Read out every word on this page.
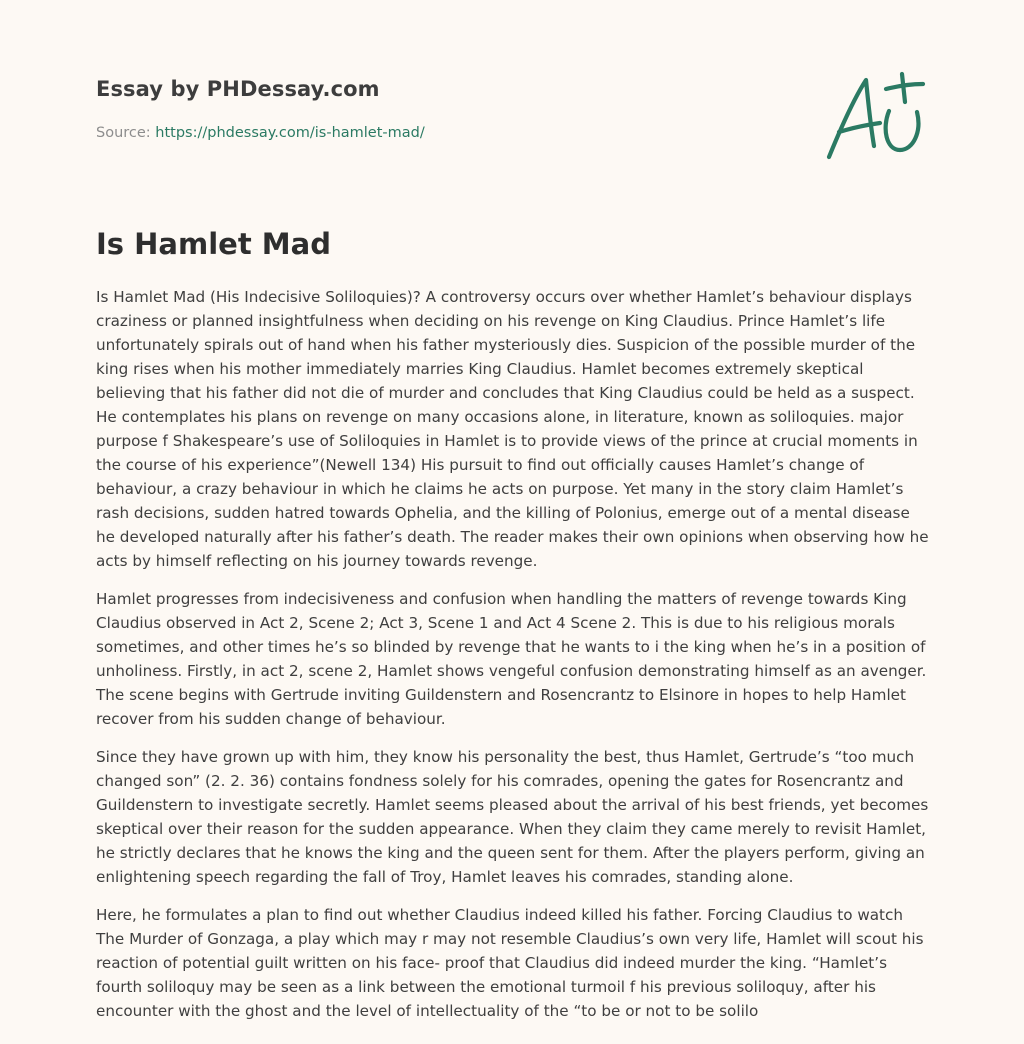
Essay by PHDessay.com
Source: https://phdessay.com/is-hamlet-mad/
Is Hamlet Mad

Is Hamlet Mad (His Indecisive Soliloquies)? A controversy occurs over whether Hamlet’s behaviour displays craziness or planned insightfulness when deciding on his revenge on King Claudius. Prince Hamlet’s life unfortunately spirals out of hand when his father mysteriously dies. Suspicion of the possible murder of the king rises when his mother immediately marries King Claudius. Hamlet becomes extremely skeptical believing that his father did not die of murder and concludes that King Claudius could be held as a suspect. He contemplates his plans on revenge on many occasions alone, in literature, known as soliloquies. major purpose f Shakespeare’s use of Soliloquies in Hamlet is to provide views of the prince at crucial moments in the course of his experience”(Newell 134) His pursuit to find out officially causes Hamlet’s change of behaviour, a crazy behaviour in which he claims he acts on purpose. Yet many in the story claim Hamlet’s rash decisions, sudden hatred towards Ophelia, and the killing of Polonius, emerge out of a mental disease he developed naturally after his father’s death. The reader makes their own opinions when observing how he acts by himself reflecting on his journey towards revenge.

Hamlet progresses from indecisiveness and confusion when handling the matters of revenge towards King Claudius observed in Act 2, Scene 2; Act 3, Scene 1 and Act 4 Scene 2. This is due to his religious morals sometimes, and other times he’s so blinded by revenge that he wants to i the king when he’s in a position of unholiness. Firstly, in act 2, scene 2, Hamlet shows vengeful confusion demonstrating himself as an avenger. The scene begins with Gertrude inviting Guildenstern and Rosencrantz to Elsinore in hopes to help Hamlet recover from his sudden change of behaviour.

Since they have grown up with him, they know his personality the best, thus Hamlet, Gertrude’s “too much changed son” (2. 2. 36) contains fondness solely for his comrades, opening the gates for Rosencrantz and Guildenstern to investigate secretly. Hamlet seems pleased about the arrival of his best friends, yet becomes skeptical over their reason for the sudden appearance. When they claim they came merely to revisit Hamlet, he strictly declares that he knows the king and the queen sent for them. After the players perform, giving an enlightening speech regarding the fall of Troy, Hamlet leaves his comrades, standing alone.

Here, he formulates a plan to find out whether Claudius indeed killed his father. Forcing Claudius to watch The Murder of Gonzaga, a play which may r may not resemble Claudius’s own very life, Hamlet will scout his reaction of potential guilt written on his face- proof that Claudius did indeed murder the king. “Hamlet’s fourth soliloquy may be seen as a link between the emotional turmoil f his previous soliloquy, after his encounter with the ghost and the level of intellectuality of the “to be or not to be solilo
